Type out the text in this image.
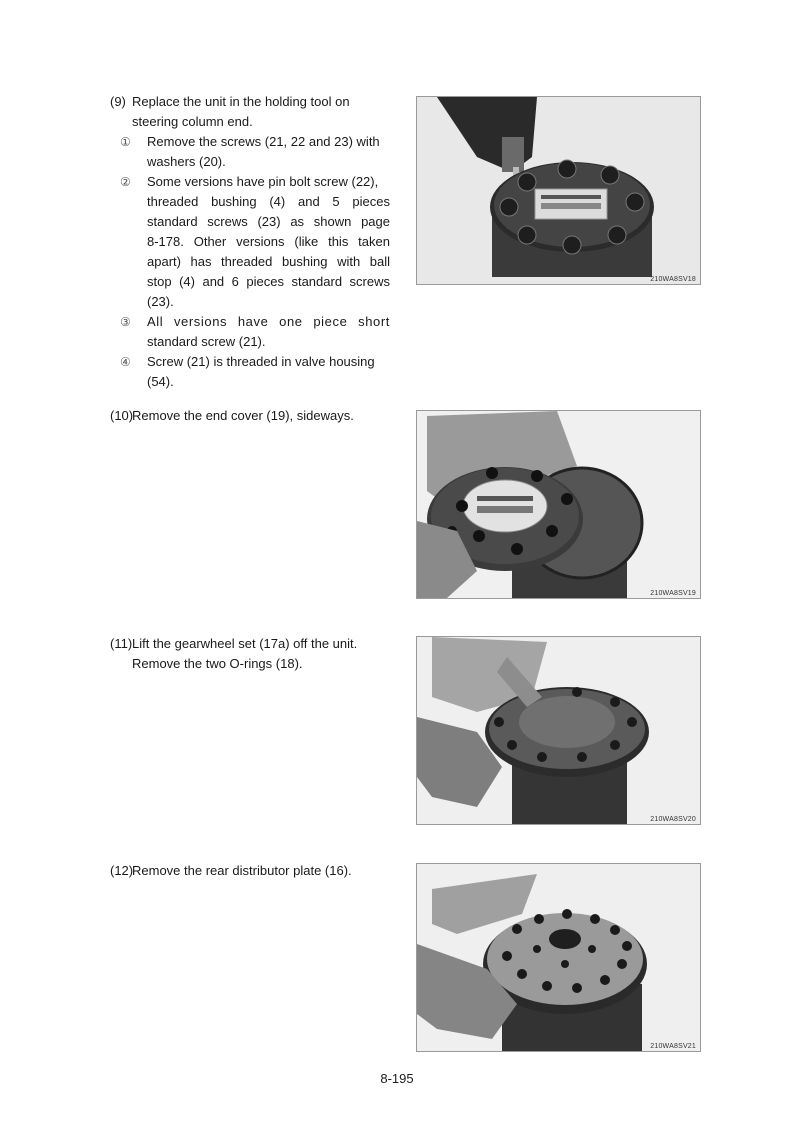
(9) Replace the unit in the holding tool on
steering column end.
① Remove the screws (21, 22 and 23) with
washers (20).
② Some versions have pin bolt screw (22),
threaded bushing (4) and 5 pieces
standard screws (23) as shown page
8-178. Other versions (like this taken
apart) has threaded bushing with ball
stop (4) and 6 pieces standard screws
(23).
③ All versions have one piece short
standard screw (21).
④ Screw (21) is threaded in valve housing
(54).
210WA8SV18
(10)
Remove the end cover (19), sideways.
210WA8SV19
(11) Lift the gearwheel set (17a) off the unit.
Remove the two O-rings (18).
210WA8SV20
(12)
Remove the rear distributor plate (16).
210WA8SV21
8-195
